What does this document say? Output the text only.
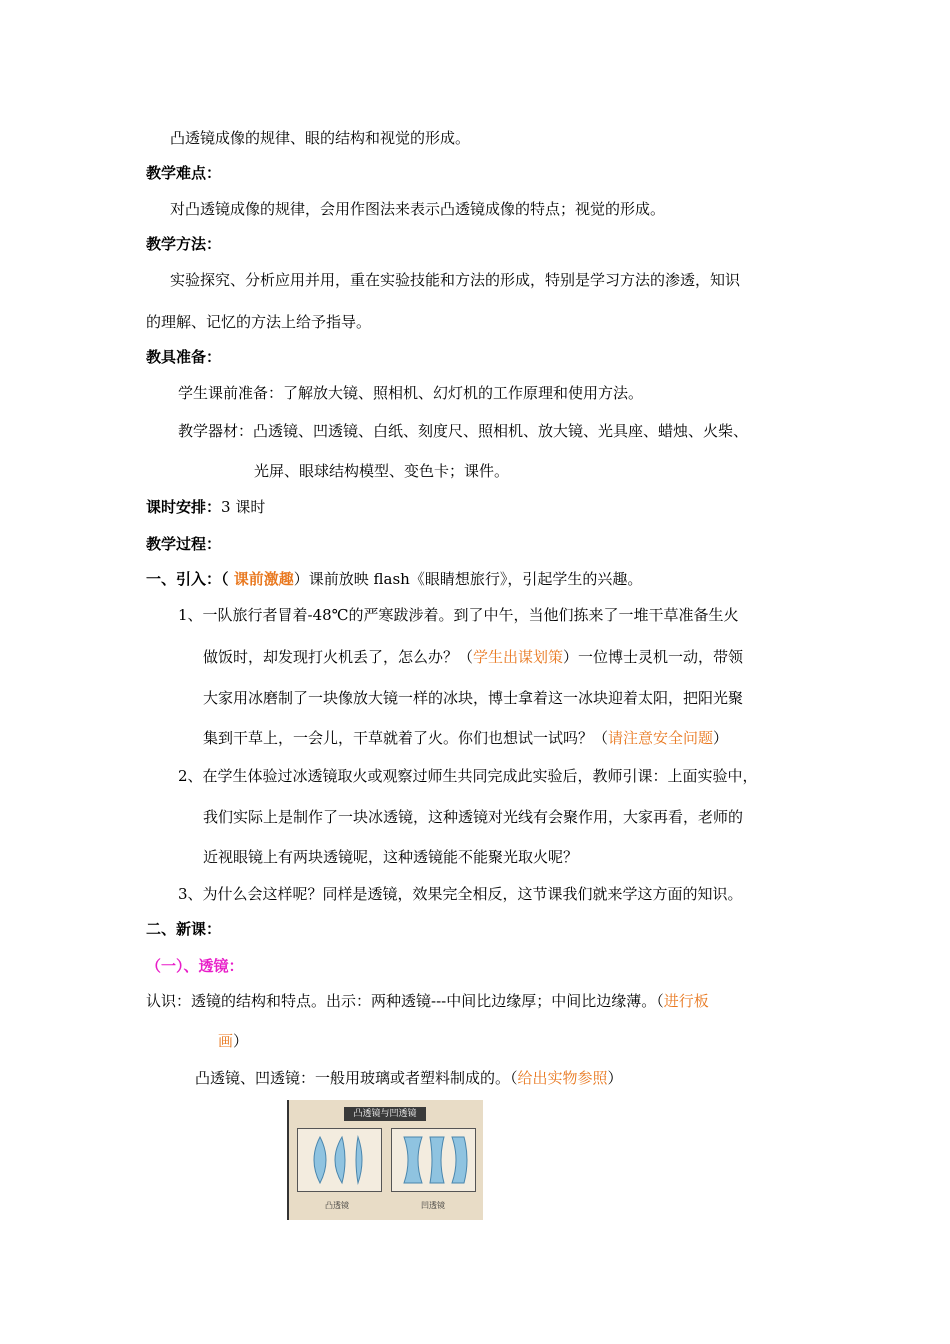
凸透镜成像的规律、眼的结构和视觉的形成。
教学难点：
对凸透镜成像的规律，会用作图法来表示凸透镜成像的特点；视觉的形成。
教学方法：
实验探究、分析应用并用，重在实验技能和方法的形成，特别是学习方法的渗透，知识
的理解、记忆的方法上给予指导。
教具准备：
学生课前准备：了解放大镜、照相机、幻灯机的工作原理和使用方法。
教学器材：凸透镜、凹透镜、白纸、刻度尺、照相机、放大镜、光具座、蜡烛、火柴、
光屏、眼球结构模型、变色卡；课件。
课时安排：3 课时
教学过程：
一、引入：（ 课前激趣）课前放映 flash《眼睛想旅行》，引起学生的兴趣。
1、一队旅行者冒着-48℃的严寒跋涉着。到了中午，当他们拣来了一堆干草准备生火
做饭时，却发现打火机丢了，怎么办？（学生出谋划策）一位博士灵机一动，带领
大家用冰磨制了一块像放大镜一样的冰块，博士拿着这一冰块迎着太阳，把阳光聚
集到干草上，一会儿，干草就着了火。你们也想试一试吗？（请注意安全问题）
2、在学生体验过冰透镜取火或观察过师生共同完成此实验后，教师引课：上面实验中，
我们实际上是制作了一块冰透镜，这种透镜对光线有会聚作用，大家再看，老师的
近视眼镜上有两块透镜呢，这种透镜能不能聚光取火呢？
3、为什么会这样呢？同样是透镜，效果完全相反，这节课我们就来学这方面的知识。
二、新课：
（一）、透镜：
认识：透镜的结构和特点。出示：两种透镜---中间比边缘厚；中间比边缘薄。（进行板
画）
凸透镜、凹透镜：一般用玻璃或者塑料制成的。（给出实物参照）
凸透镜与凹透镜
凸透镜	凹透镜
